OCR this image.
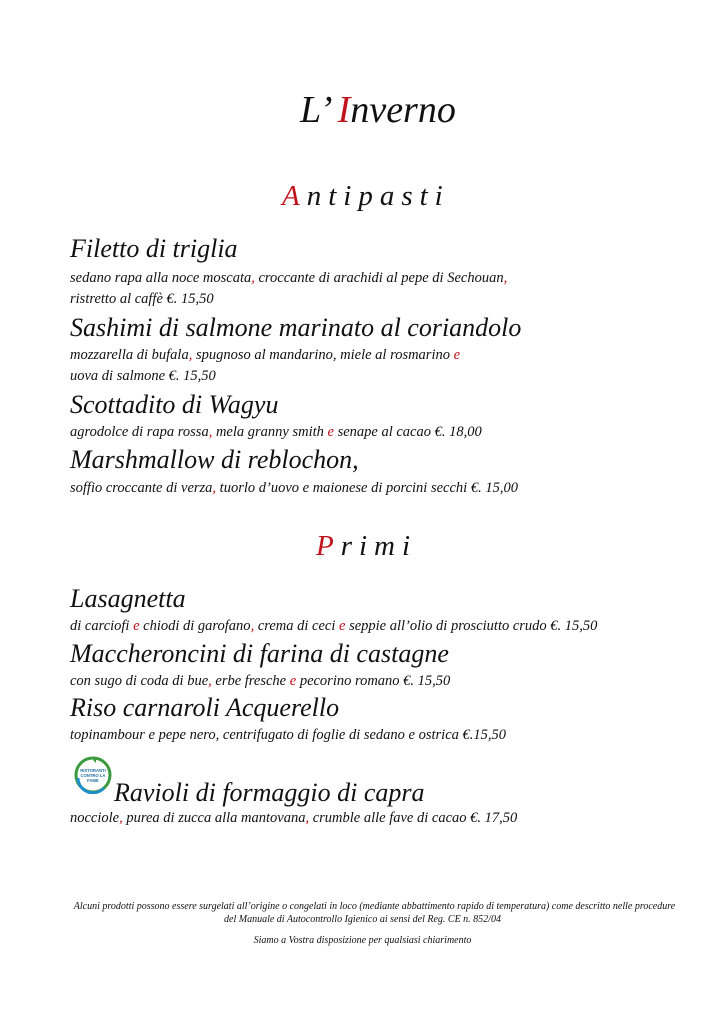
L’ Inverno
Antipasti
Filetto di triglia
sedano rapa alla noce moscata, croccante di arachidi al pepe di Sechouan,
ristretto al caffè €. 15,50
Sashimi di salmone marinato al coriandolo
mozzarella di bufala, spugnoso al mandarino, miele al rosmarino e
uova di salmone €. 15,50
Scottadito di Wagyu
agrodolce di rapa rossa, mela granny smith e senape al cacao €. 18,00
Marshmallow di reblochon,
soffio croccante di verza, tuorlo d’uovo e maionese di porcini secchi €. 15,00
Primi
Lasagnetta
di carciofi e chiodi di garofano, crema di ceci e seppie all’olio di prosciutto crudo €. 15,50
Maccheroncini di farina di castagne
con sugo di coda di bue, erbe fresche e pecorino romano €. 15,50
Riso carnaroli Acquerello
topinambour e pepe nero, centrifugato di foglie di sedano e ostrica €.15,50
RISTORANTI
CONTRO LA
FAME Ravioli di formaggio di capra
nocciole, purea di zucca alla mantovana, crumble alle fave di cacao €. 17,50
Alcuni prodotti possono essere surgelati all’origine o congelati in loco (mediante abbattimento rapido di temperatura) come descritto nelle procedure
del Manuale di Autocontrollo Igienico ai sensi del Reg. CE n. 852/04
Siamo a Vostra disposizione per qualsiasi chiarimento
